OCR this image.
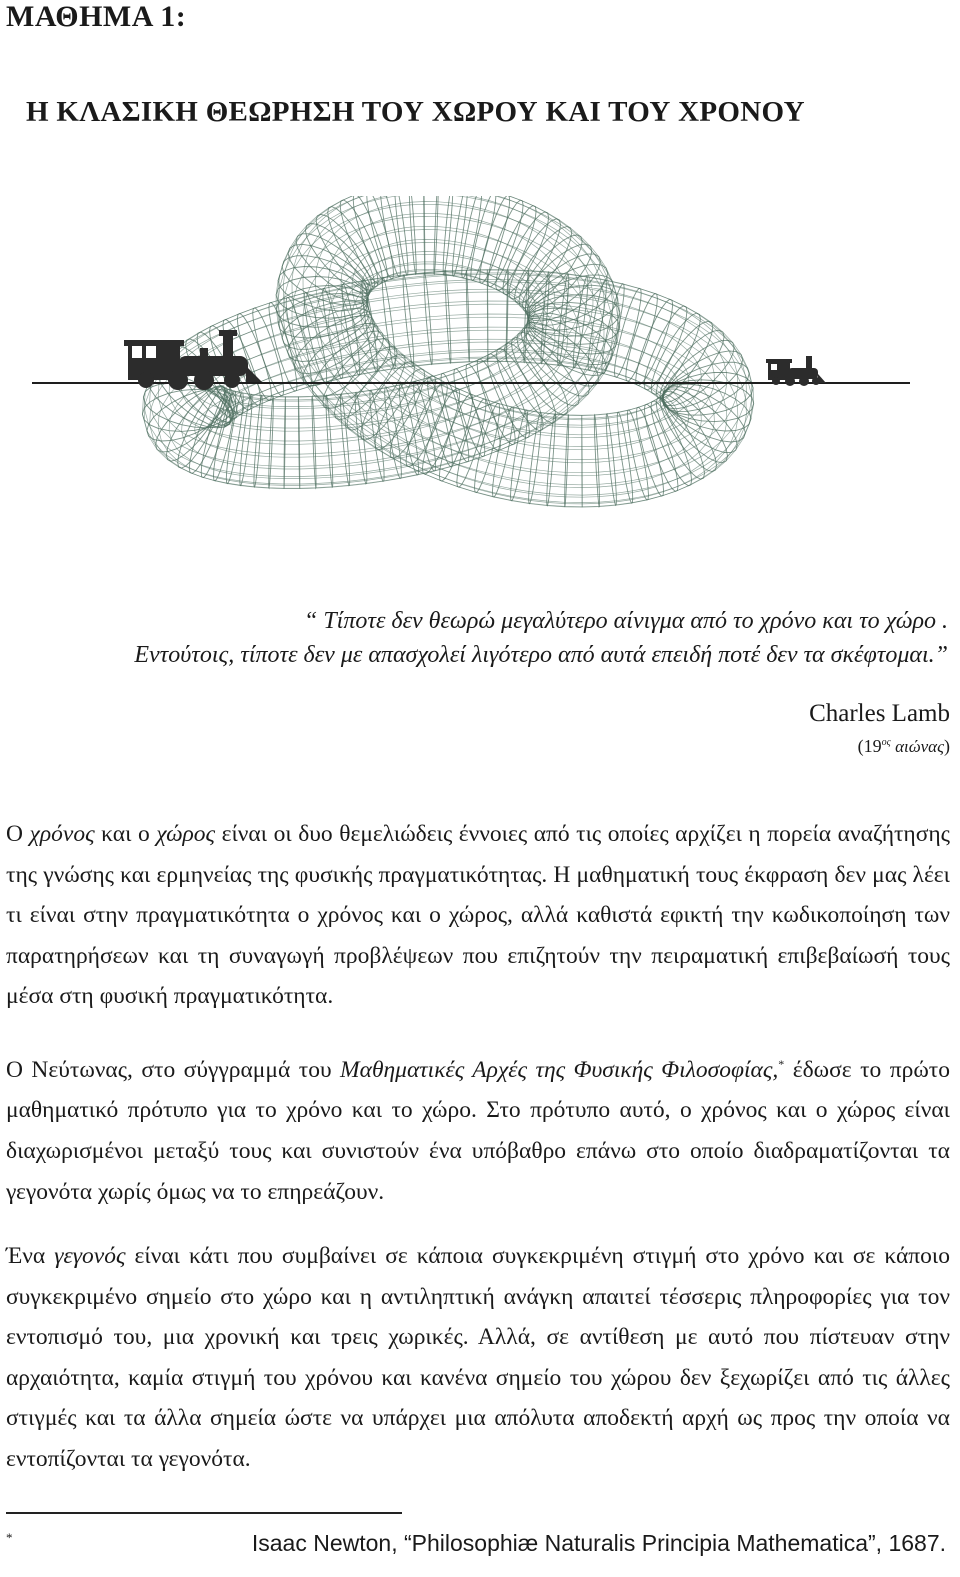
ΜΑΘΗΜΑ 1:
Η ΚΛΑΣΙΚΗ ΘΕΩΡΗΣΗ ΤΟΥ ΧΩΡΟΥ ΚΑΙ ΤΟΥ ΧΡΟΝΟΥ
“ Τίποτε δεν θεωρώ μεγαλύτερο αίνιγμα από το χρόνο και το χώρο .
Εντούτοις, τίποτε δεν με απασχολεί λιγότερο από αυτά επειδή ποτέ δεν τα σκέφτομαι.”
Charles Lamb
($19^{o\varsigma}$ αιώνας)
Ο χρόνος και ο χώρος είναι οι δυο θεμελιώδεις έννοιες από τις οποίες αρχίζει η πορεία αναζήτησης της γνώσης και ερμηνείας της φυσικής πραγματικότητας. Η μαθηματική τους έκφραση δεν μας λέει τι είναι στην πραγματικότητα ο χρόνος και ο χώρος, αλλά καθιστά εφικτή την κωδικοποίηση των παρατηρήσεων και τη συναγωγή προβλέψεων που επιζητούν την πειραματική επιβεβαίωσή τους μέσα στη φυσική πραγματικότητα.
Ο Νεύτωνας, στο σύγγραμμά του Μαθηματικές Αρχές της Φυσικής Φιλοσοφίας,* έδωσε το πρώτο μαθηματικό πρότυπο για το χρόνο και το χώρο. Στο πρότυπο αυτό, ο χρόνος και ο χώρος είναι διαχωρισμένοι μεταξύ τους και συνιστούν ένα υπόβαθρο επάνω στο οποίο διαδραματίζονται τα γεγονότα χωρίς όμως να το επηρεάζουν.
Ένα γεγονός είναι κάτι που συμβαίνει σε κάποια συγκεκριμένη στιγμή στο χρόνο και σε κάποιο συγκεκριμένο σημείο στο χώρο και η αντιληπτική ανάγκη απαιτεί τέσσερις πληροφορίες για τον εντοπισμό του, μια χρονική και τρεις χωρικές. Αλλά, σε αντίθεση με αυτό που πίστευαν στην αρχαιότητα, καμία στιγμή του χρόνου και κανένα σημείο του χώρου δεν ξεχωρίζει από τις άλλες στιγμές και τα άλλα σημεία ώστε να υπάρχει μια απόλυτα αποδεκτή αρχή ως προς την οποία να εντοπίζονται τα γεγονότα.
*	Isaac Newton, “Philosophiæ Naturalis Principia Mathematica”, 1687.
